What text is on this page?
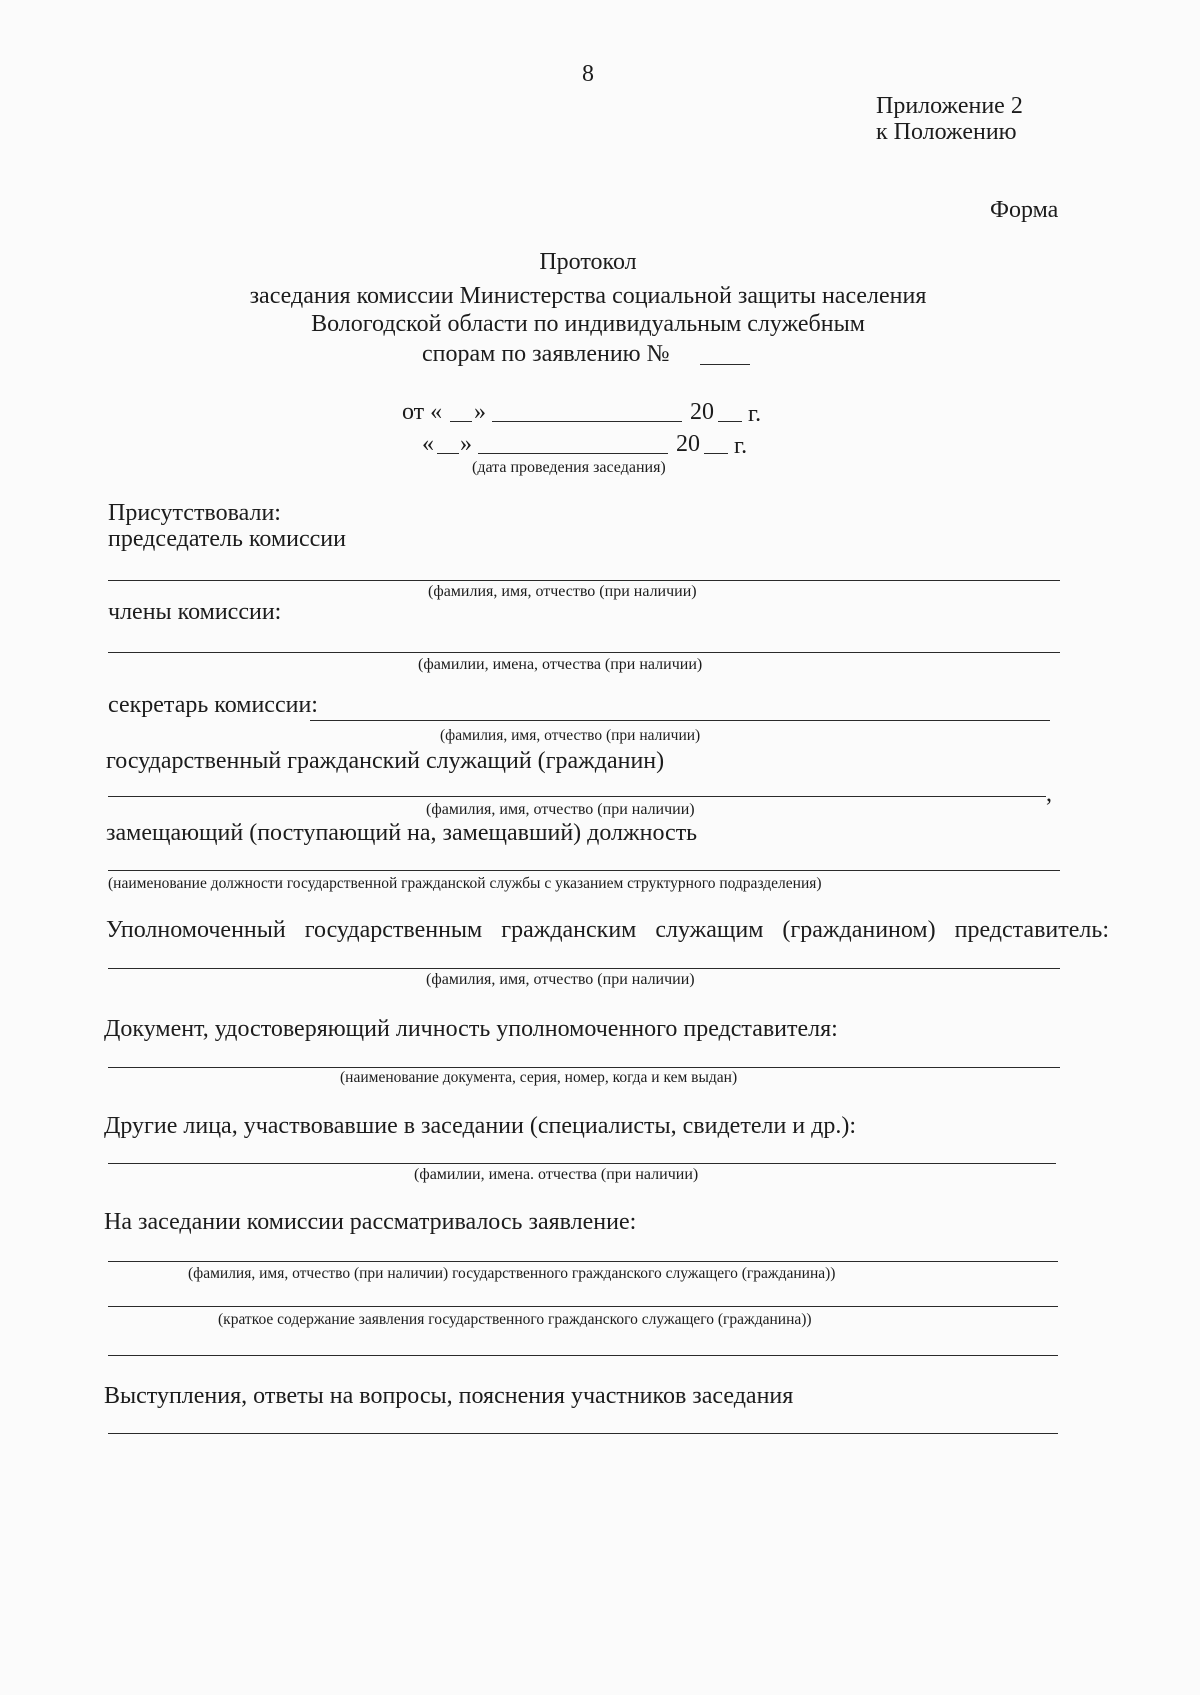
8
Приложение 2
к Положению
Форма
Протокол
заседания комиссии Министерства социальной защиты населения
Вологодской области по индивидуальным служебным
спорам по заявлению №
от « »	20 г.
« »	20 г.
(дата проведения заседания)
Присутствовали:
председатель комиссии
(фамилия, имя, отчество (при наличии)
члены комиссии:
(фамилии, имена, отчества (при наличии)
секретарь комиссии:
(фамилия, имя, отчество (при наличии)
государственный гражданский служащий (гражданин)
,
(фамилия, имя, отчество (при наличии)
замещающий (поступающий на, замещавший) должность
(наименование должности государственной гражданской службы с указанием структурного подразделения)
Уполномоченный государственным гражданским служащим (гражданином) представитель:
(фамилия, имя, отчество (при наличии)
Документ, удостоверяющий личность уполномоченного представителя:
(наименование документа, серия, номер, когда и кем выдан)
Другие лица, участвовавшие в заседании (специалисты, свидетели и др.):
(фамилии, имена. отчества (при наличии)
На заседании комиссии рассматривалось заявление:
(фамилия, имя, отчество (при наличии) государственного гражданского служащего (гражданина))
(краткое содержание заявления государственного гражданского служащего (гражданина))
Выступления, ответы на вопросы, пояснения участников заседания
